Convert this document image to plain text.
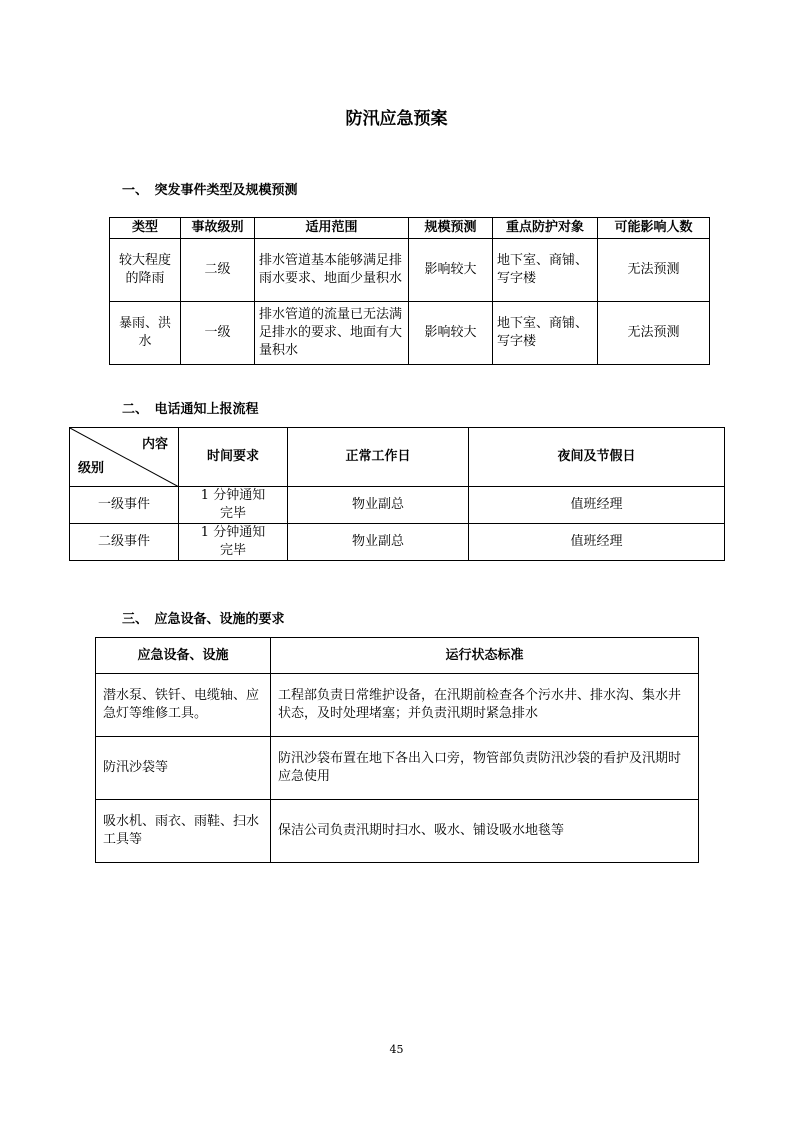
防汛应急预案
一、　突发事件类型及规模预测
类型	事故级别	适用范围	规模预测	重点防护对象	可能影响人数
较大程度的降雨	二级	排水管道基本能够满足排雨水要求、地面少量积水	影响较大	地下室、商铺、写字楼	无法预测
暴雨、洪水	一级	排水管道的流量已无法满足排水的要求、地面有大量积水	影响较大	地下室、商铺、写字楼	无法预测
二、　电话通知上报流程
内容
级别	时间要求	正常工作日	夜间及节假日
一级事件	1 分钟通知完毕	物业副总	值班经理
二级事件	1 分钟通知完毕	物业副总	值班经理
三、　应急设备、设施的要求
应急设备、设施	运行状态标准
潜水泵、铁钎、电缆轴、应急灯等维修工具。	工程部负责日常维护设备，在汛期前检查各个污水井、排水沟、集水井状态，及时处理堵塞；并负责汛期时紧急排水
防汛沙袋等	防汛沙袋布置在地下各出入口旁，物管部负责防汛沙袋的看护及汛期时应急使用
吸水机、雨衣、雨鞋、扫水工具等	保洁公司负责汛期时扫水、吸水、铺设吸水地毯等
45
